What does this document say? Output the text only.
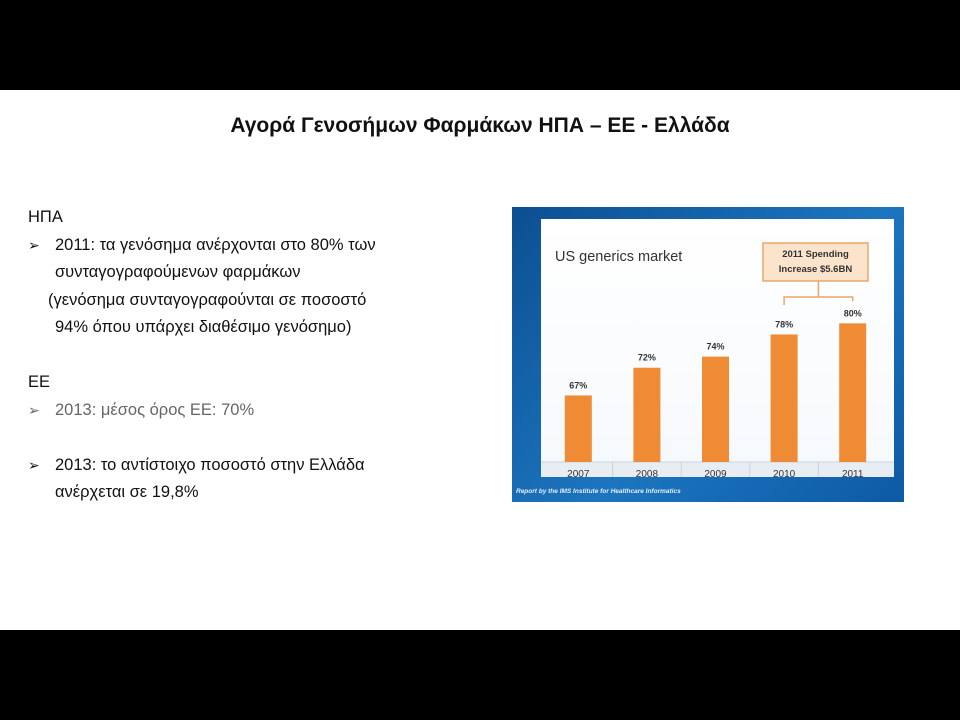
Αγορά Γενοσήμων Φαρμάκων ΗΠΑ – ΕΕ - Ελλάδα

ΗΠΑ

➢ 2011: τα γενόσημα ανέρχονται στο 80% των
συνταγογραφούμενων φαρμάκων

(γενόσημα συνταγογραφούνται σε ποσοστό

94% όπου υπάρχει διαθέσιμο γενόσημο)

ΕΕ

➢ 2013: μέσος όρος ΕΕ: 70%

➢ 2013: το αντίστοιχο ποσοστό στην Ελλάδα
ανέρχεται σε 19,8%

US generics market
67%
2007
72%
2008
74%
2009
78%
2010
80%
2011
2011 Spending
Increase $5.6BN
Report by the IMS Institute for Healthcare Informatics
